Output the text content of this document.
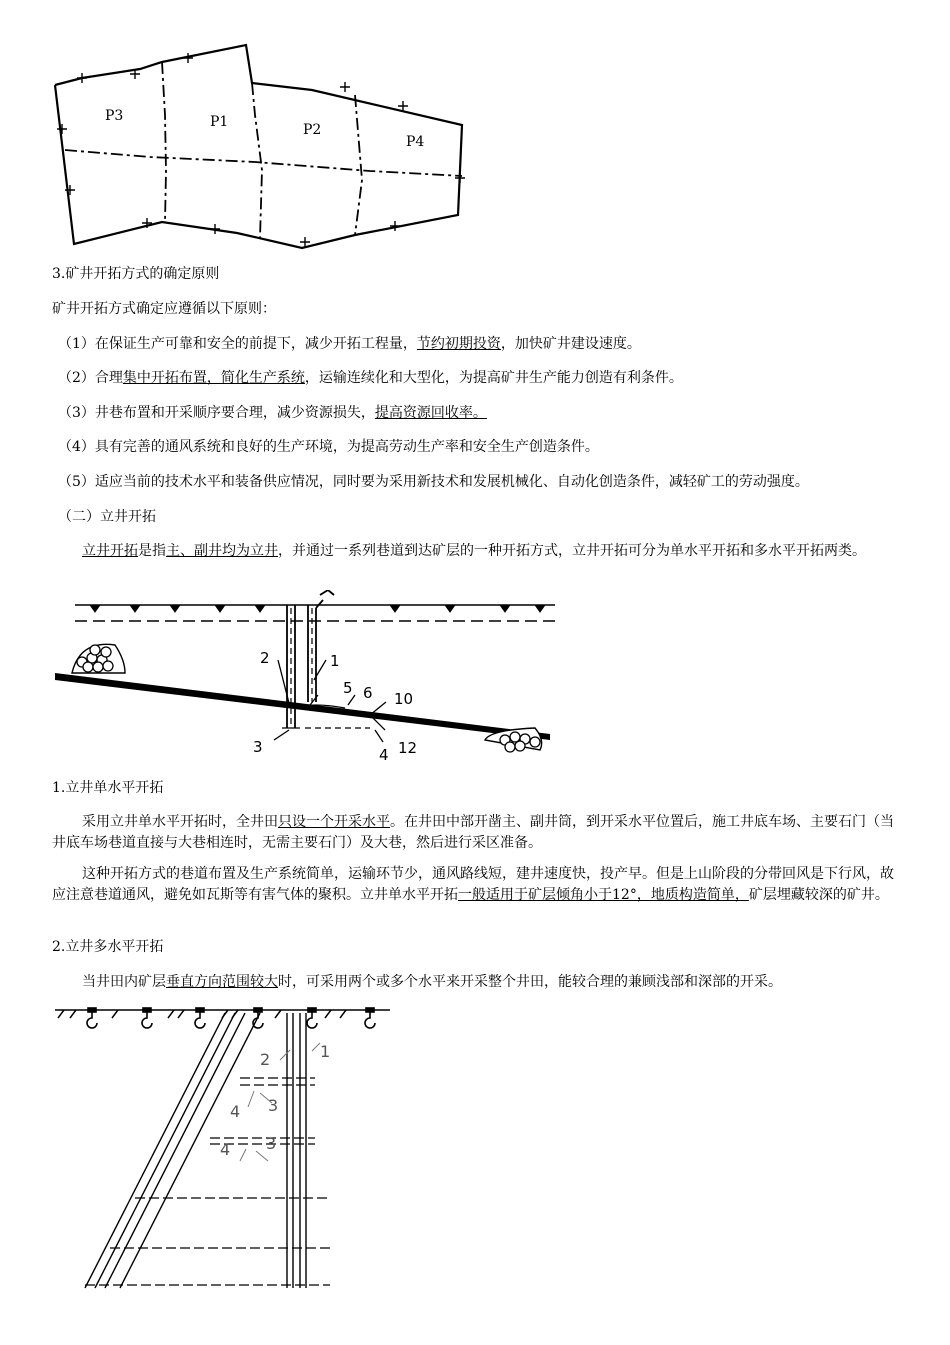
P3	P1	P2
P4

3.矿井开拓方式的确定原则

矿井开拓方式确定应遵循以下原则：

（1）在保证生产可靠和安全的前提下，减少开拓工程量，节约初期投资，加快矿井建设速度。

（2）合理集中开拓布置，简化生产系统，运输连续化和大型化，为提高矿井生产能力创造有利条件。

（3）井巷布置和开采顺序要合理，减少资源损失，提高资源回收率。

（4）具有完善的通风系统和良好的生产环境，为提高劳动生产率和安全生产创造条件。

（5）适应当前的技术水平和装备供应情况，同时要为采用新技术和发展机械化、自动化创造条件，减轻矿工的劳动强度。

（二）立井开拓

立井开拓是指主、副井均为立井，并通过一系列巷道到达矿层的一种开拓方式，立井开拓可分为单水平开拓和多水平开拓两类。

1
2
3	4
5 6 10
12

1.立井单水平开拓

采用立井单水平开拓时，全井田只设一个开采水平。在井田中部开凿主、副井筒，到开采水平位置后，施工井底车场、主要石门（当井底车场巷道直接与大巷相连时，无需主要石门）及大巷，然后进行采区准备。

这种开拓方式的巷道布置及生产系统简单，运输环节少，通风路线短，建井速度快，投产早。但是上山阶段的分带回风是下行风，故应注意巷道通风，避免如瓦斯等有害气体的聚积。立井单水平开拓一般适用于矿层倾角小于12°，地质构造简单，矿层埋藏较深的矿井。

2.立井多水平开拓

当井田内矿层垂直方向范围较大时，可采用两个或多个水平来开采整个井田，能较合理的兼顾浅部和深部的开采。

2	1
4 3
4 3
